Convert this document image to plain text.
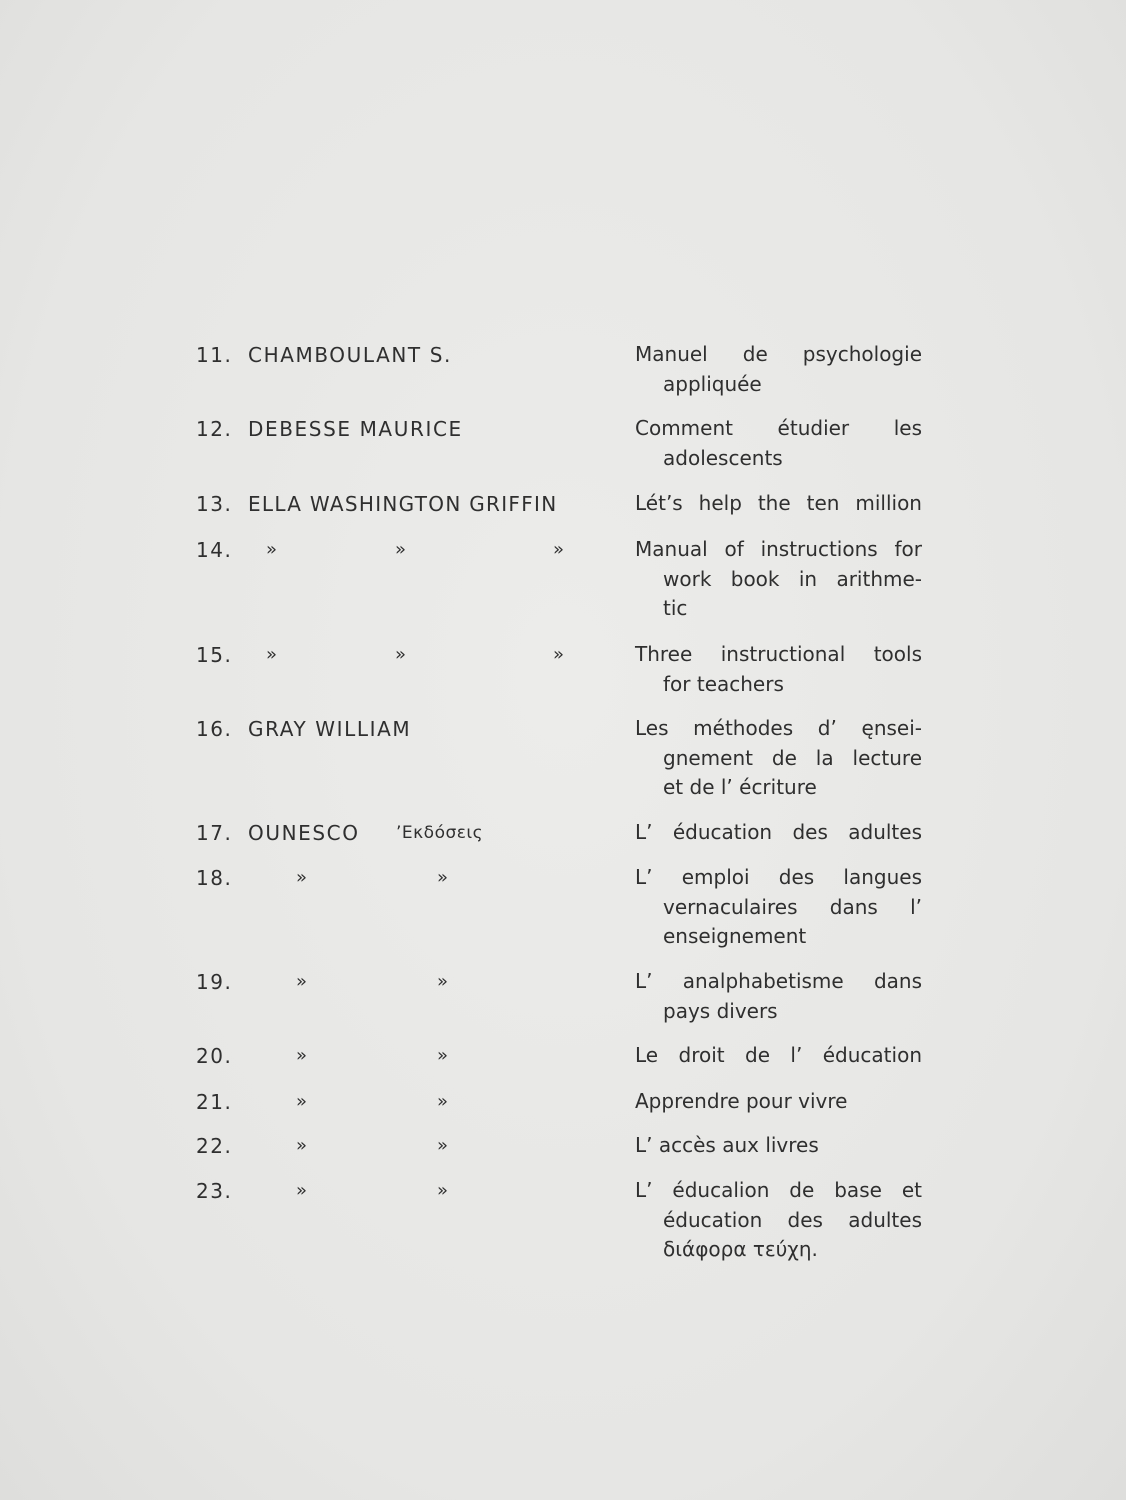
11. CHAMBOULANT S.	Manuel de psychologie
appliquée
12. DEBESSE MAURICE	Comment étudier les
adolescents
13. ELLA WASHINGTON GRIFFIN	Lét’s help the ten million
14.	»	»	»	Manual of instructions for
work book in arithme-
tic
15.	»	»	»	Three instructional tools
for teachers
16. GRAY WILLIAM	Les méthodes d’ ęnsei-
gnement de la lecture
et de l’ écriture
17. OUNESCO	’Εκδόσεις	L’ éducation des adultes
18.	»	»	L’ emploi des langues
vernaculaires dans l’
enseignement
19.	»	»	L’ analphabetisme dans
pays divers
20.	»	»	Le droit de l’ éducation
21.	»	»	Apprendre pour vivre
22.	»	»	L’ accès aux livres
23.	»	»	L’ éducalion de base et
éducation des adultes
διάφορα τεύχη.
